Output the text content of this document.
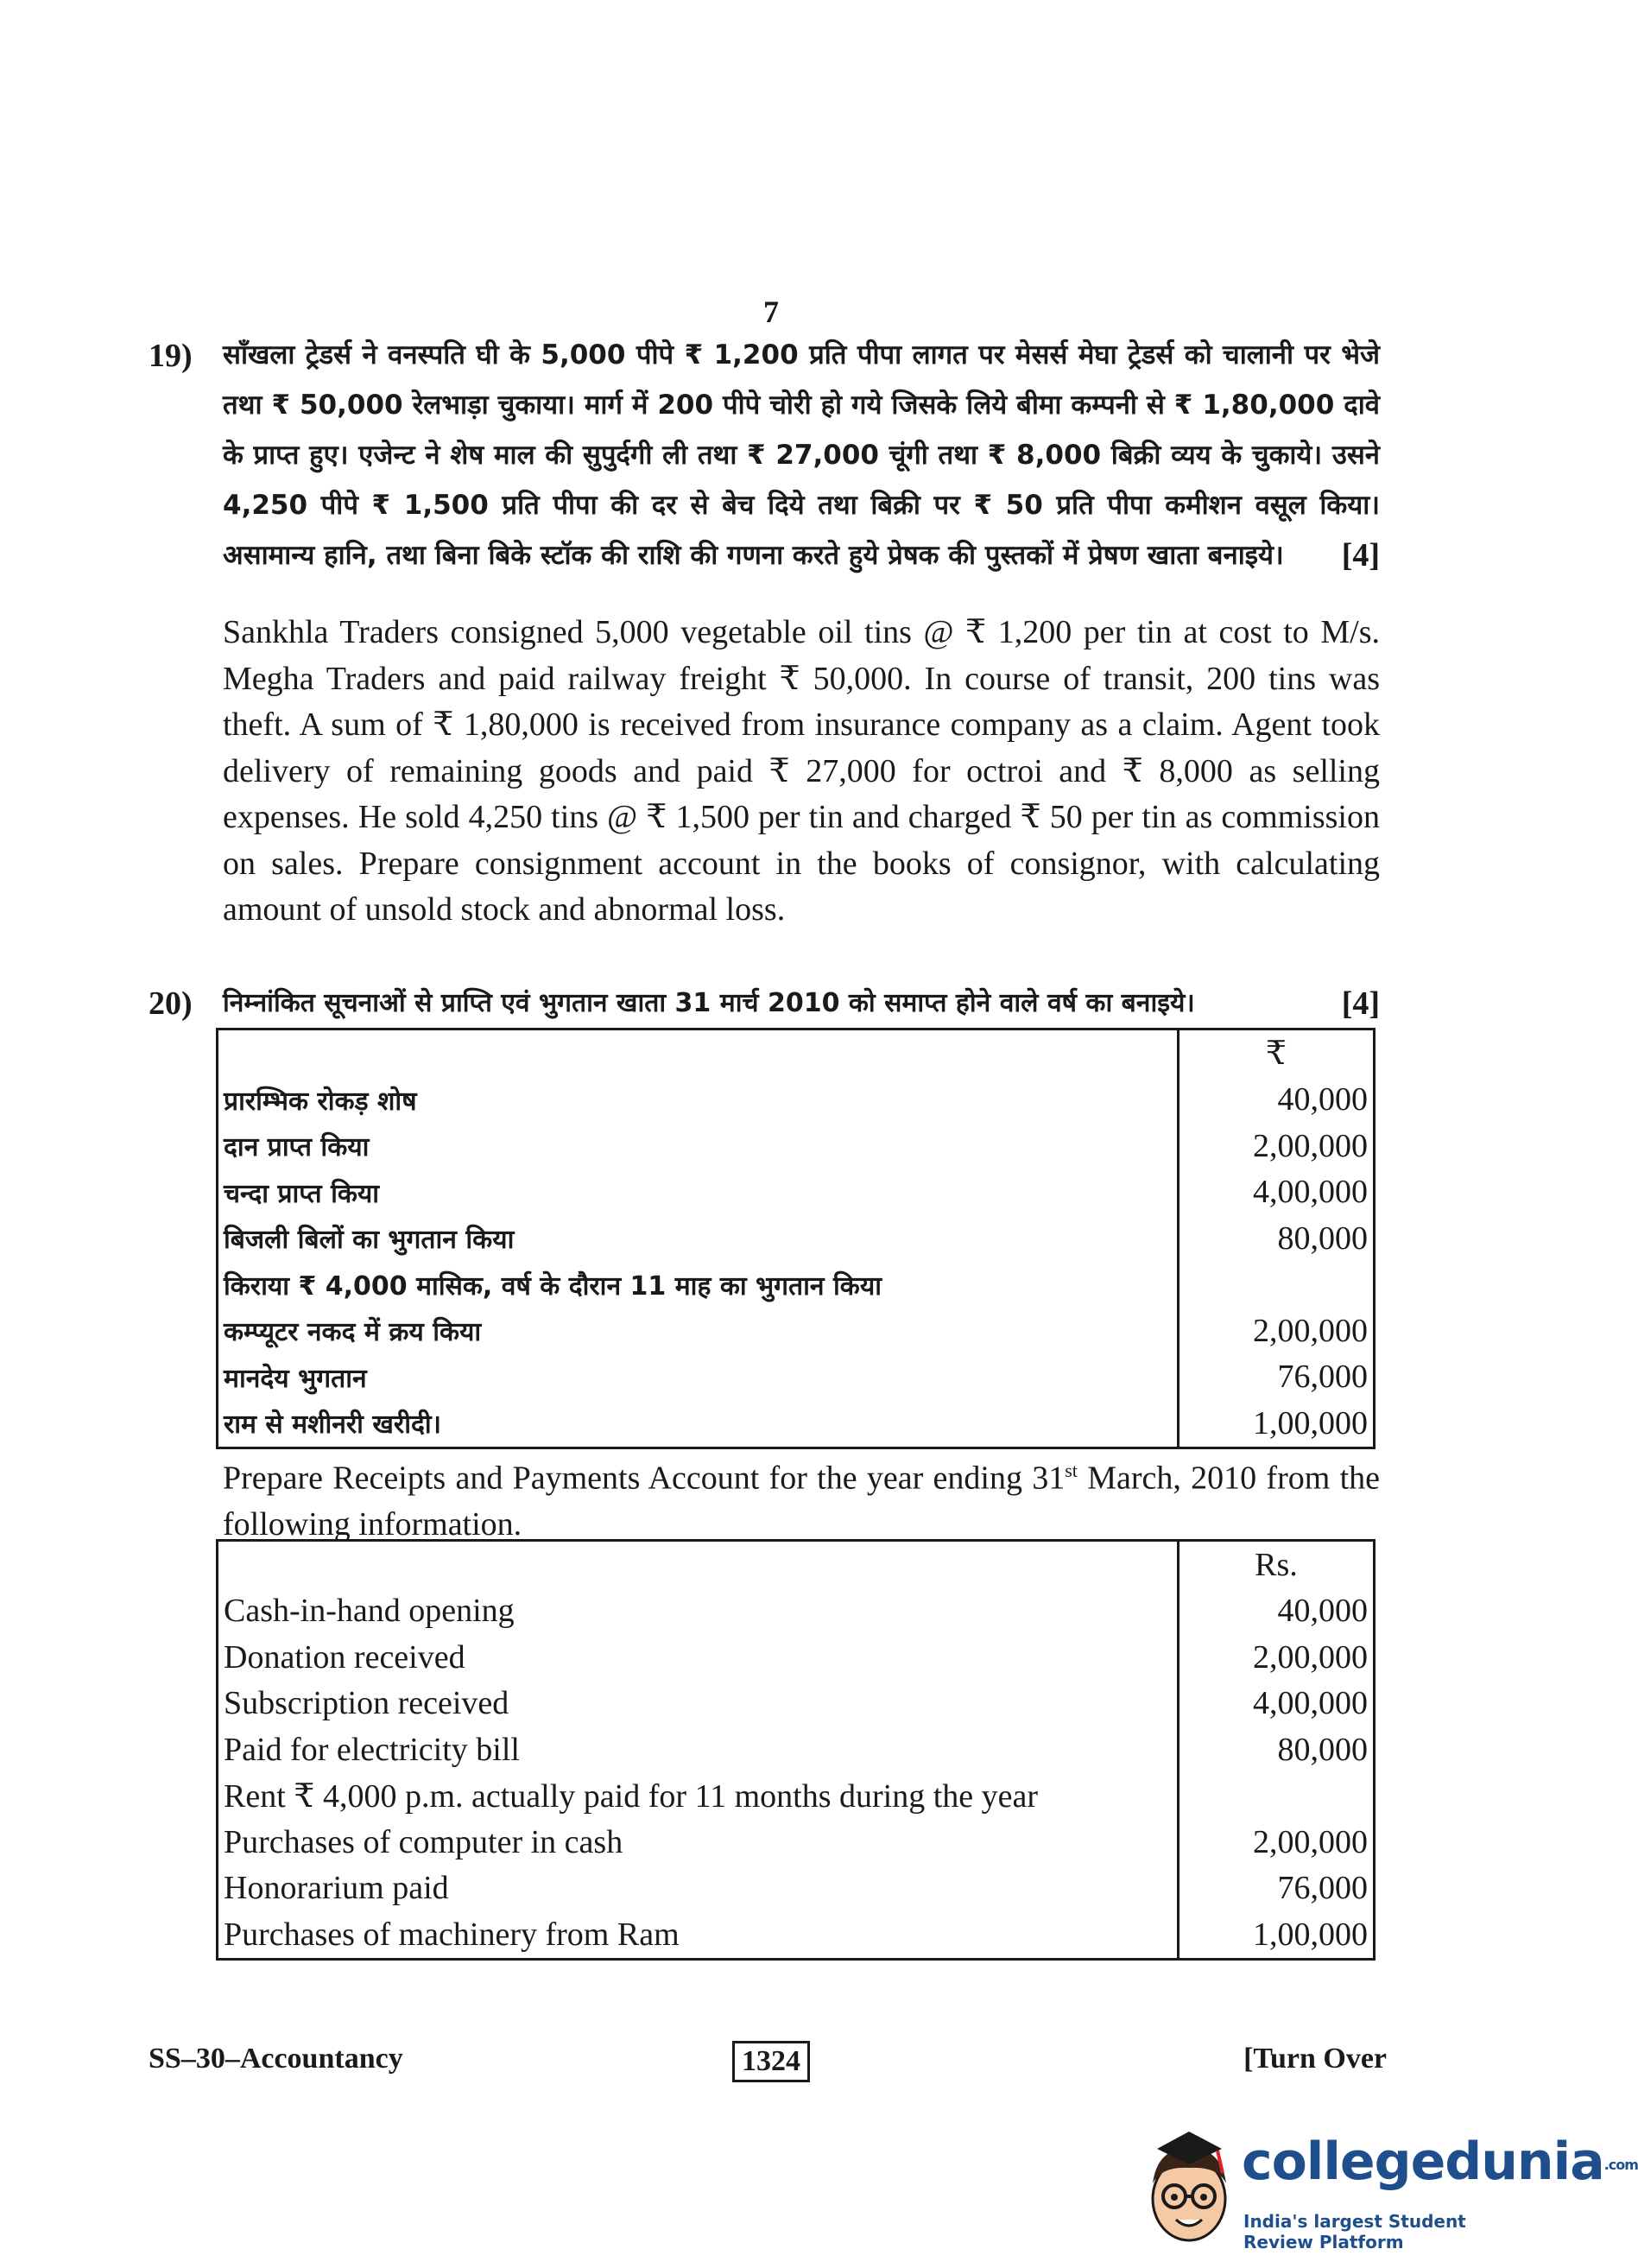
7
19) साँखला ट्रेडर्स ने वनस्पति घी के 5,000 पीपे ₹ 1,200 प्रति पीपा लागत पर मेसर्स मेघा ट्रेडर्स को चालानी पर भेजे तथा ₹ 50,000 रेलभाड़ा चुकाया। मार्ग में 200 पीपे चोरी हो गये जिसके लिये बीमा कम्पनी से ₹ 1,80,000 दावे के प्राप्त हुए। एजेन्ट ने शेष माल की सुपुर्दगी ली तथा ₹ 27,000 चूंगी तथा ₹ 8,000 बिक्री व्यय के चुकाये। उसने 4,250 पीपे ₹ 1,500 प्रति पीपा की दर से बेच दिये तथा बिक्री पर ₹ 50 प्रति पीपा कमीशन वसूल किया। असामान्य हानि, तथा बिना बिके स्टॉक की राशि की गणना करते हुये प्रेषक की पुस्तकों में प्रेषण खाता बनाइये। [4]
Sankhla Traders consigned 5,000 vegetable oil tins @ ₹ 1,200 per tin at cost to M/s. Megha Traders and paid railway freight ₹ 50,000. In course of transit, 200 tins was theft. A sum of ₹ 1,80,000 is received from insurance company as a claim. Agent took delivery of remaining goods and paid ₹ 27,000 for octroi and ₹ 8,000 as selling expenses. He sold 4,250 tins @ ₹ 1,500 per tin and charged ₹ 50 per tin as commission on sales. Prepare consignment account in the books of consignor, with calculating amount of unsold stock and abnormal loss.
20) निम्नांकित सूचनाओं से प्राप्ति एवं भुगतान खाता 31 मार्च 2010 को समाप्त होने वाले वर्ष का बनाइये।	[4]
	₹
प्रारम्भिक रोकड़ शोष	40,000
दान प्राप्त किया	2,00,000
चन्दा प्राप्त किया	4,00,000
बिजली बिलों का भुगतान किया	80,000
किराया ₹ 4,000 मासिक, वर्ष के दौरान 11 माह का भुगतान किया	
कम्प्यूटर नकद में क्रय किया	2,00,000
मानदेय भुगतान	76,000
राम से मशीनरी खरीदी।	1,00,000
Prepare Receipts and Payments Account for the year ending 31st March, 2010 from the following information.
	Rs.
Cash-in-hand opening	40,000
Donation received	2,00,000
Subscription received	4,00,000
Paid for electricity bill	80,000
Rent ₹ 4,000 p.m. actually paid for 11 months during the year	
Purchases of computer in cash	2,00,000
Honorarium paid	76,000
Purchases of machinery from Ram	1,00,000
SS–30–Accountancy	1324	[Turn Over
collegedunia.com
India's largest Student Review Platform
